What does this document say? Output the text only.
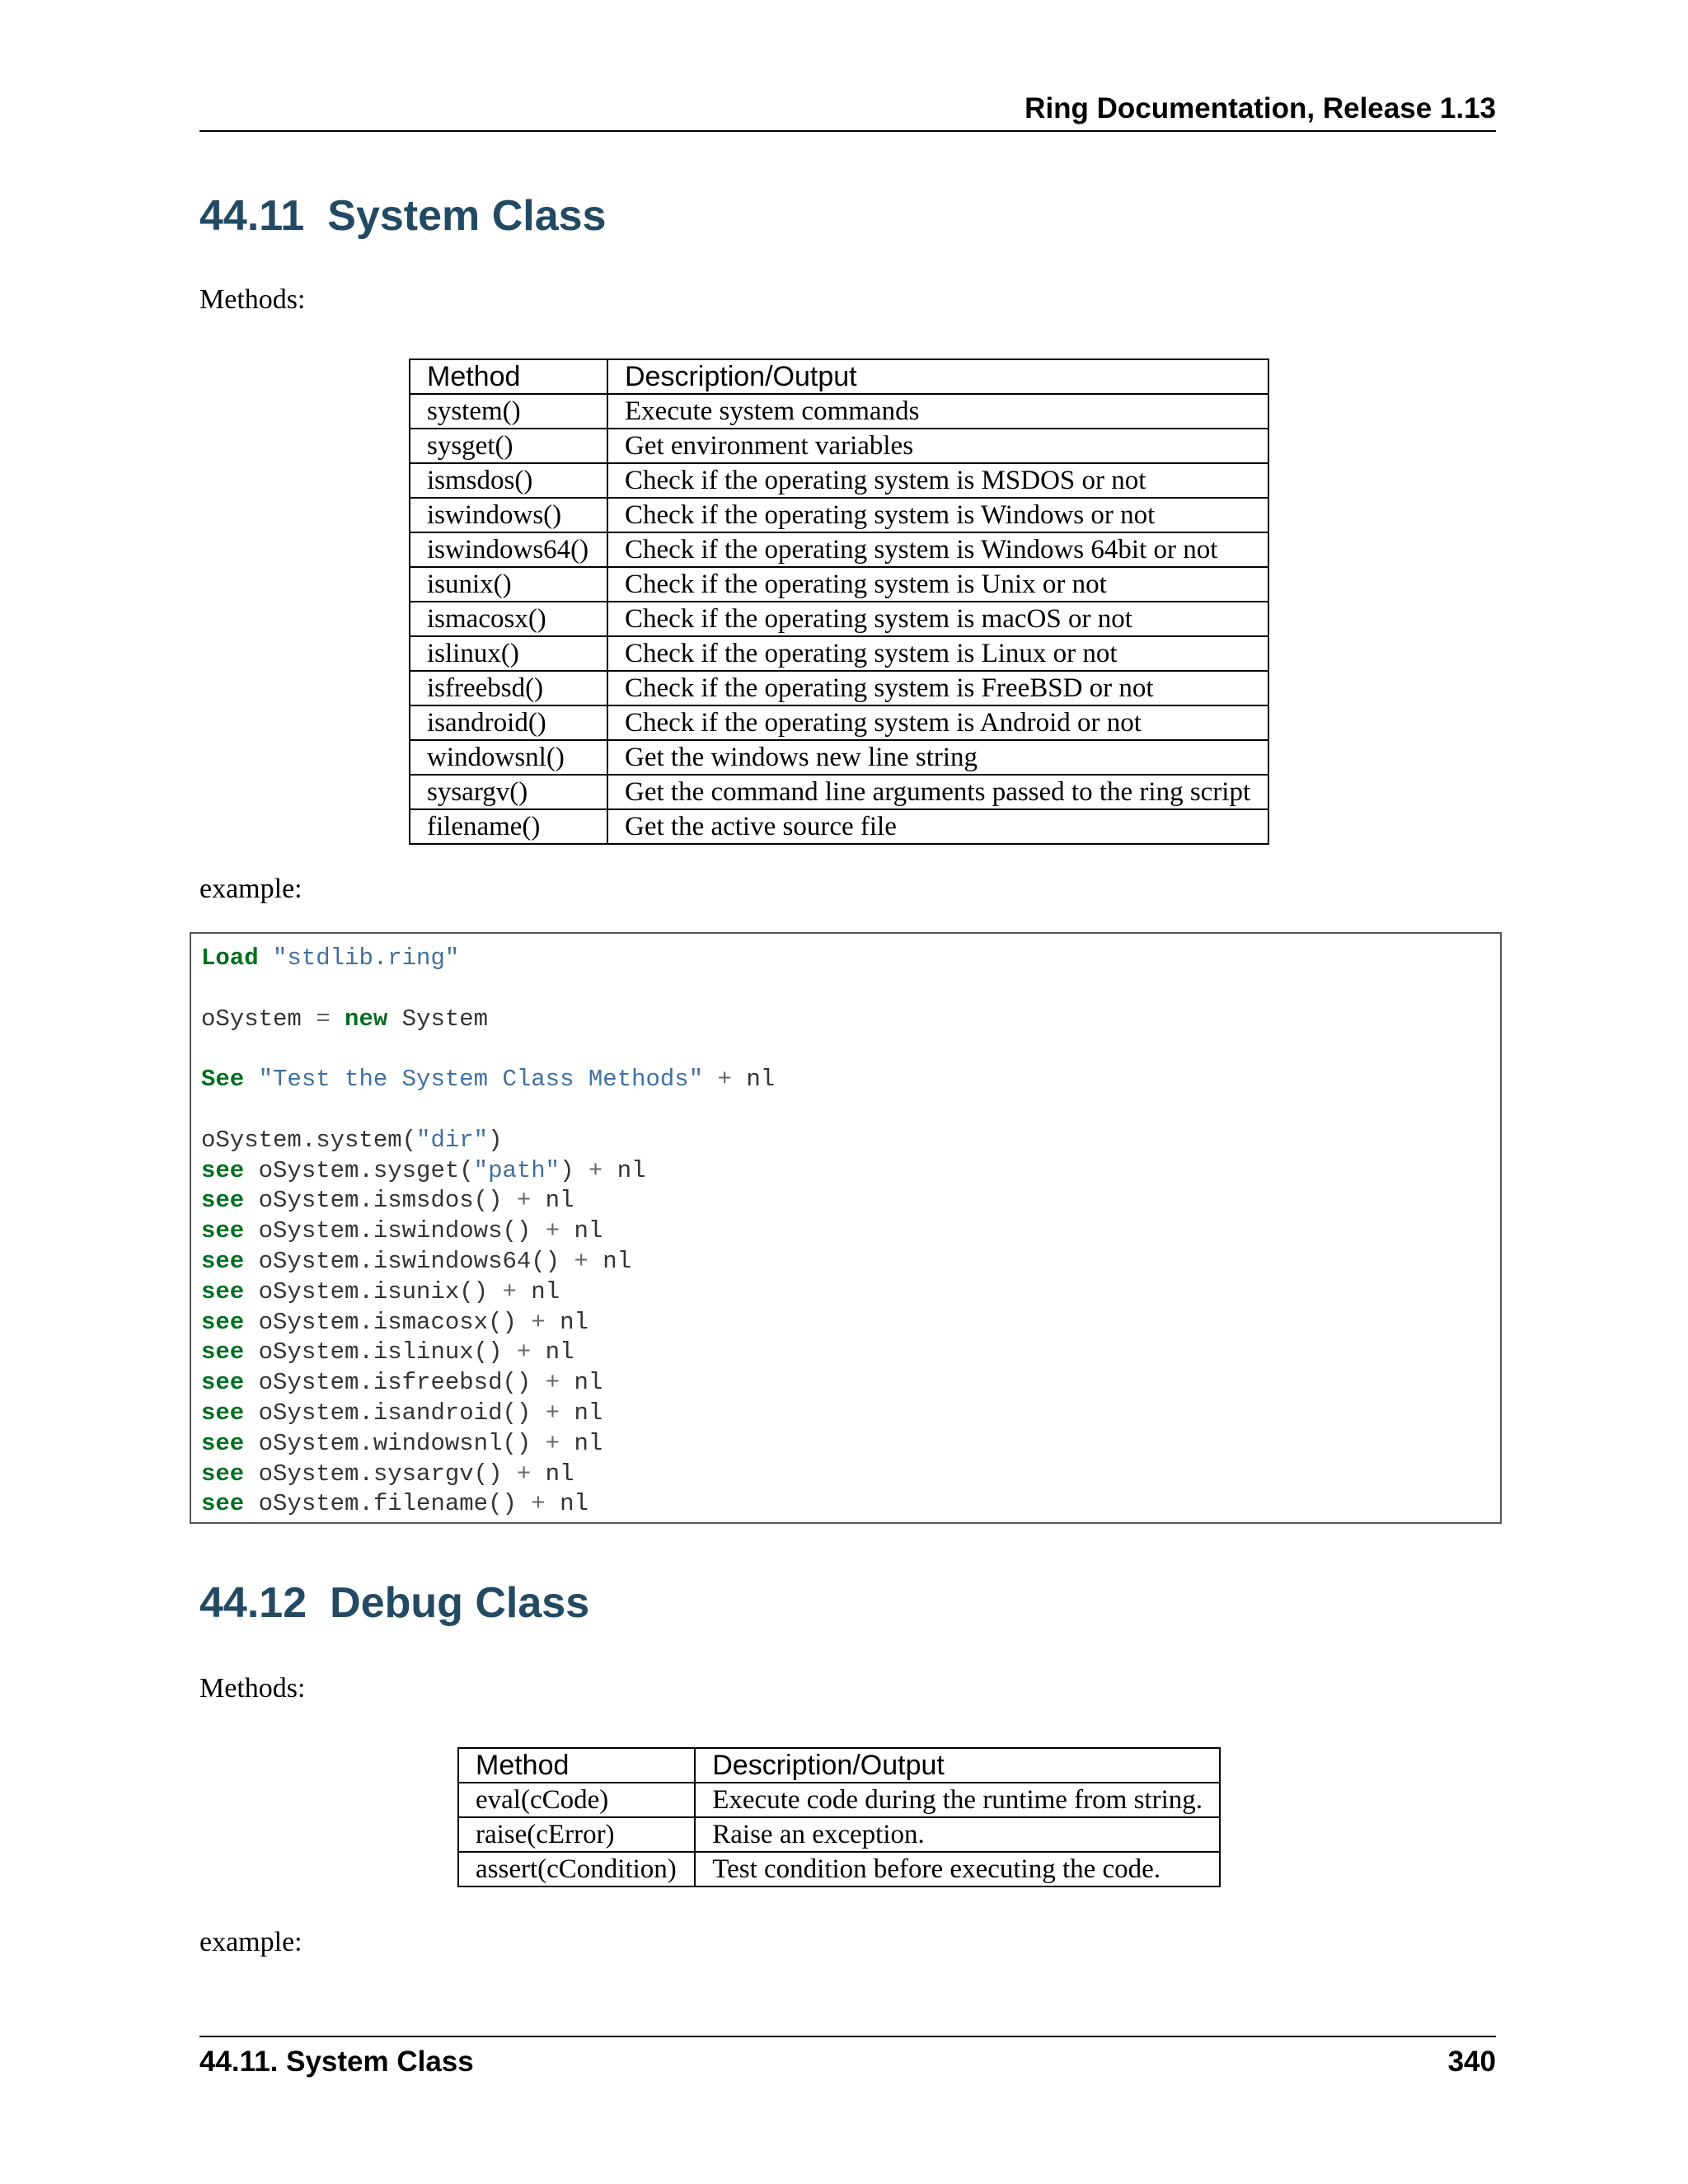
Ring Documentation, Release 1.13
44.11 System Class
Methods:
Method	Description/Output
system()	Execute system commands
sysget()	Get environment variables
ismsdos()	Check if the operating system is MSDOS or not
iswindows()	Check if the operating system is Windows or not
iswindows64()	Check if the operating system is Windows 64bit or not
isunix()	Check if the operating system is Unix or not
ismacosx()	Check if the operating system is macOS or not
islinux()	Check if the operating system is Linux or not
isfreebsd()	Check if the operating system is FreeBSD or not
isandroid()	Check if the operating system is Android or not
windowsnl()	Get the windows new line string
sysargv()	Get the command line arguments passed to the ring script
filename()	Get the active source file
example:
Load "stdlib.ring"

oSystem = new System

See "Test the System Class Methods" + nl

oSystem.system("dir")
see oSystem.sysget("path") + nl
see oSystem.ismsdos() + nl
see oSystem.iswindows() + nl
see oSystem.iswindows64() + nl
see oSystem.isunix() + nl
see oSystem.ismacosx() + nl
see oSystem.islinux() + nl
see oSystem.isfreebsd() + nl
see oSystem.isandroid() + nl
see oSystem.windowsnl() + nl
see oSystem.sysargv() + nl
see oSystem.filename() + nl
44.12 Debug Class
Methods:
Method	Description/Output
eval(cCode)	Execute code during the runtime from string.
raise(cError)	Raise an exception.
assert(cCondition)	Test condition before executing the code.
example:
44.11. System Class	340
